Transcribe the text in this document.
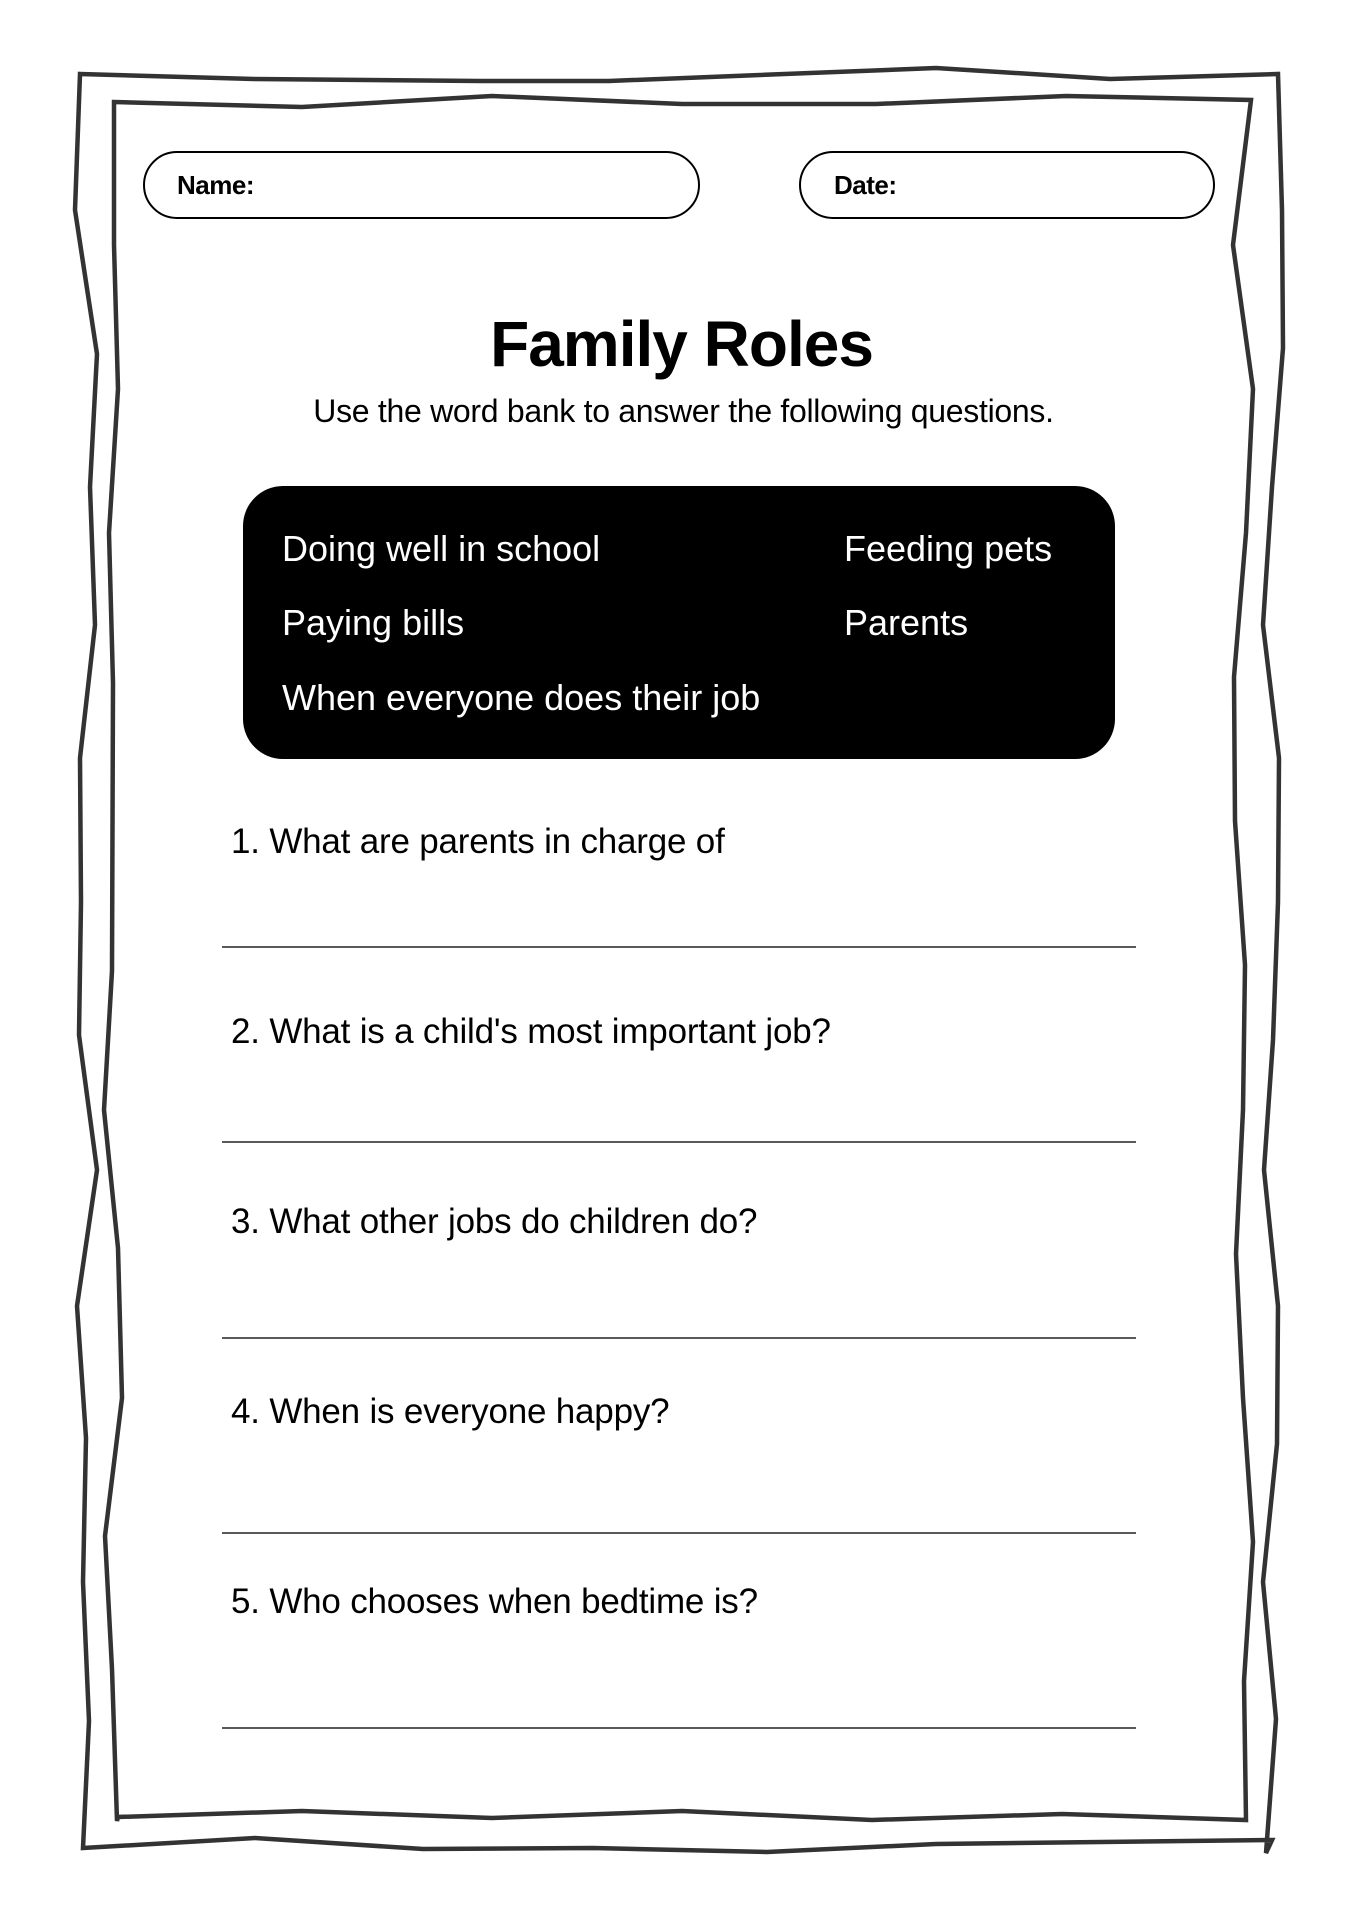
Name:	Date:
Family Roles
Use the word bank to answer the following questions.
Doing well in school
Paying bills
When everyone does their job
Feeding pets
Parents
1. What are parents in charge of
2. What is a child's most important job?
3. What other jobs do children do?
4. When is everyone happy?
5. Who chooses when bedtime is?
